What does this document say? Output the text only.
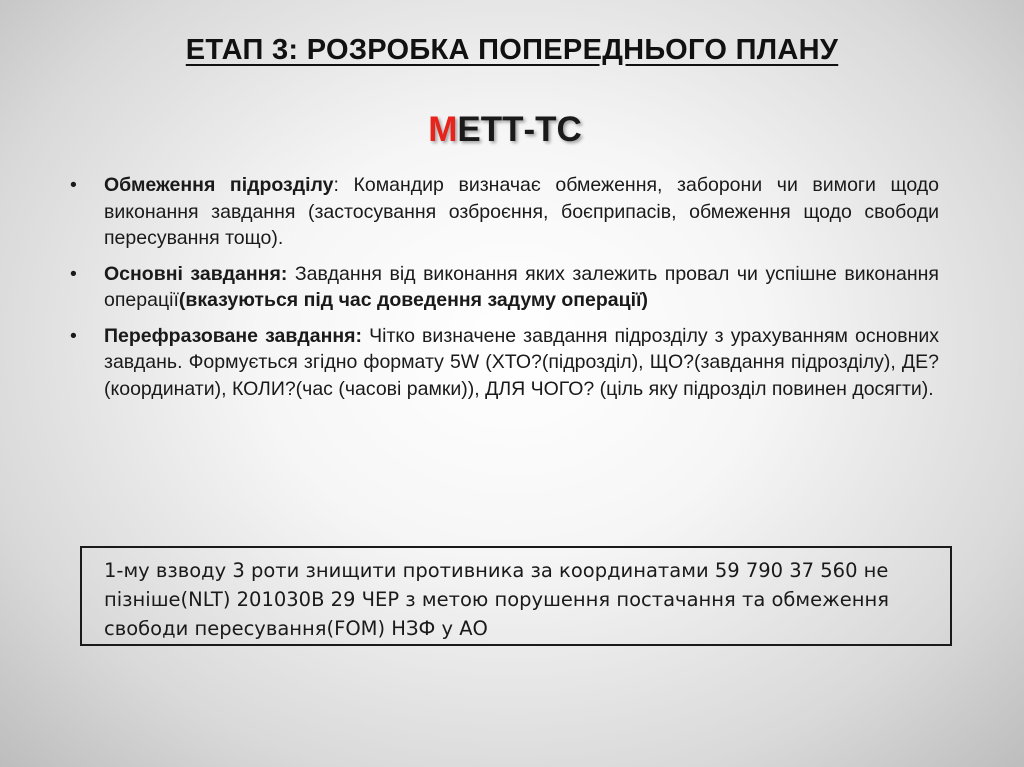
ЕТАП 3: РОЗРОБКА ПОПЕРЕДНЬОГО ПЛАНУ
МЕТТ-ТС
•	Обмеження підрозділу: Командир визначає обмеження, заборони чи вимоги щодо виконання завдання (застосування озброєння, боєприпасів, обмеження щодо свободи пересування тощо).
•	Основні завдання: Завдання від виконання яких залежить провал чи успішне виконання операції(вказуються під час доведення задуму операції)
•	Перефразоване завдання: Чітко визначене завдання підрозділу з урахуванням основних завдань. Формується згідно формату 5W (ХТО?(підрозділ), ЩО?(завдання підрозділу), ДЕ?(координати), КОЛИ?(час (часові рамки)), ДЛЯ ЧОГО? (ціль яку підрозділ повинен досягти).
1-му взводу 3 роти знищити противника за координатами 59 790 37 560 не пізніше(NLT) 201030В 29 ЧЕР з метою порушення постачання та обмеження свободи пересування(FOM) НЗФ у АО
